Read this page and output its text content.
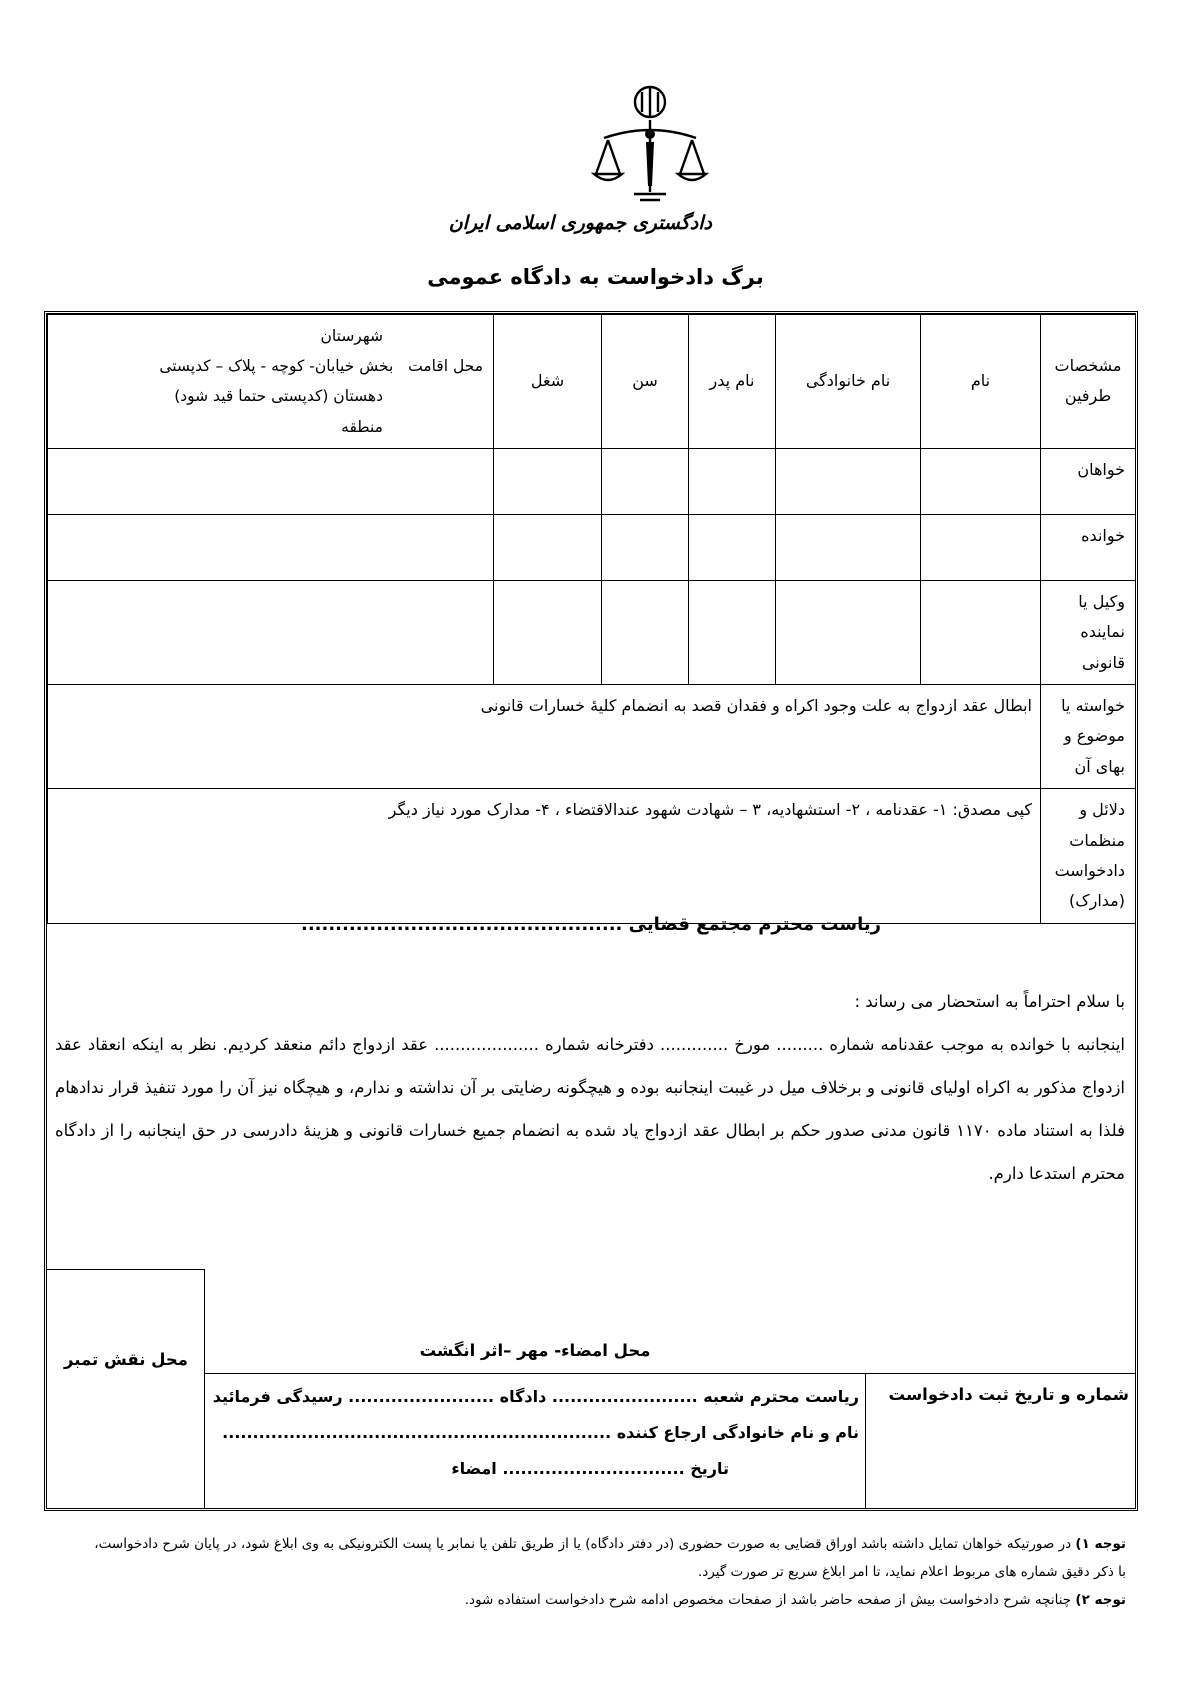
دادگستری جمهوری اسلامی ایران
برگ دادخواست به دادگاه عمومی
مشخصات طرفین	نام	نام خانوادگی	نام پدر	سن	شغل	شهرستان
محل اقامت   بخش خیابان- کوچه - پلاک – کدپستی
دهستان (کدپستی حتما قید شود)
منطقه

خواهان						
خوانده						
وکیل یا نماینده قانونی						
خواسته یا موضوع و بهای آن	ابطال عقد ازدواج به علت وجود اکراه و فقدان قصد به انضمام کلیۀ خسارات قانونی					
دلائل و منظمات دادخواست (مدارک)	کپی مصدق: ۱- عقدنامه ، ۲- استشهادیه، ۳ – شهادت شهود عندالاقتضاء ، ۴- مدارک مورد نیاز دیگر					
ریاست محترم مجتمع قضایی ...............................................

با سلام احتراماً به استحضار می رساند :

اینجانبه با خوانده به موجب عقدنامه شماره ......... مورخ ............. دفترخانه شماره .................... عقد ازدواج دائم منعقد کردیم. نظر به اینکه انعقاد عقد ازدواج مذکور به اکراه اولیای قانونی و برخلاف میل در غیبت اینجانبه بوده و هیچگونه رضایتی بر آن نداشته و ندارم، و هیچگاه نیز آن را مورد تنفیذ قرار ندادهام فلذا به استناد ماده ۱۱۷۰ قانون مدنی صدور حکم بر ابطال عقد ازدواج یاد شده به انضمام جمیع خسارات قانونی و هزینۀ دادرسی در حق اینجانبه را از دادگاه محترم استدعا دارم.

محل نقش تمبر	محل امضاء- مهر –اثر انگشت
شماره و تاریخ ثبت دادخواست
ریاست محترم شعبه ........................ دادگاه ........................ رسیدگی فرمائید
نام و نام خانوادگی ارجاع کننده ................................................................
تاریخ .............................. امضاء

توجه ۱) در صورتیکه خواهان تمایل داشته باشد اوراق قضایی به صورت حضوری (در دفتر دادگاه) یا از طریق تلفن یا نمابر یا پست الکترونیکی به وی ابلاغ شود، در پایان شرح دادخواست، با ذکر دقیق شماره های مربوط اعلام نماید، تا امر ابلاغ سریع تر صورت گیرد.

توجه ۲) چنانچه شرح دادخواست بیش از صفحه حاضر باشد از صفحات مخصوص ادامه شرح دادخواست استفاده شود.
